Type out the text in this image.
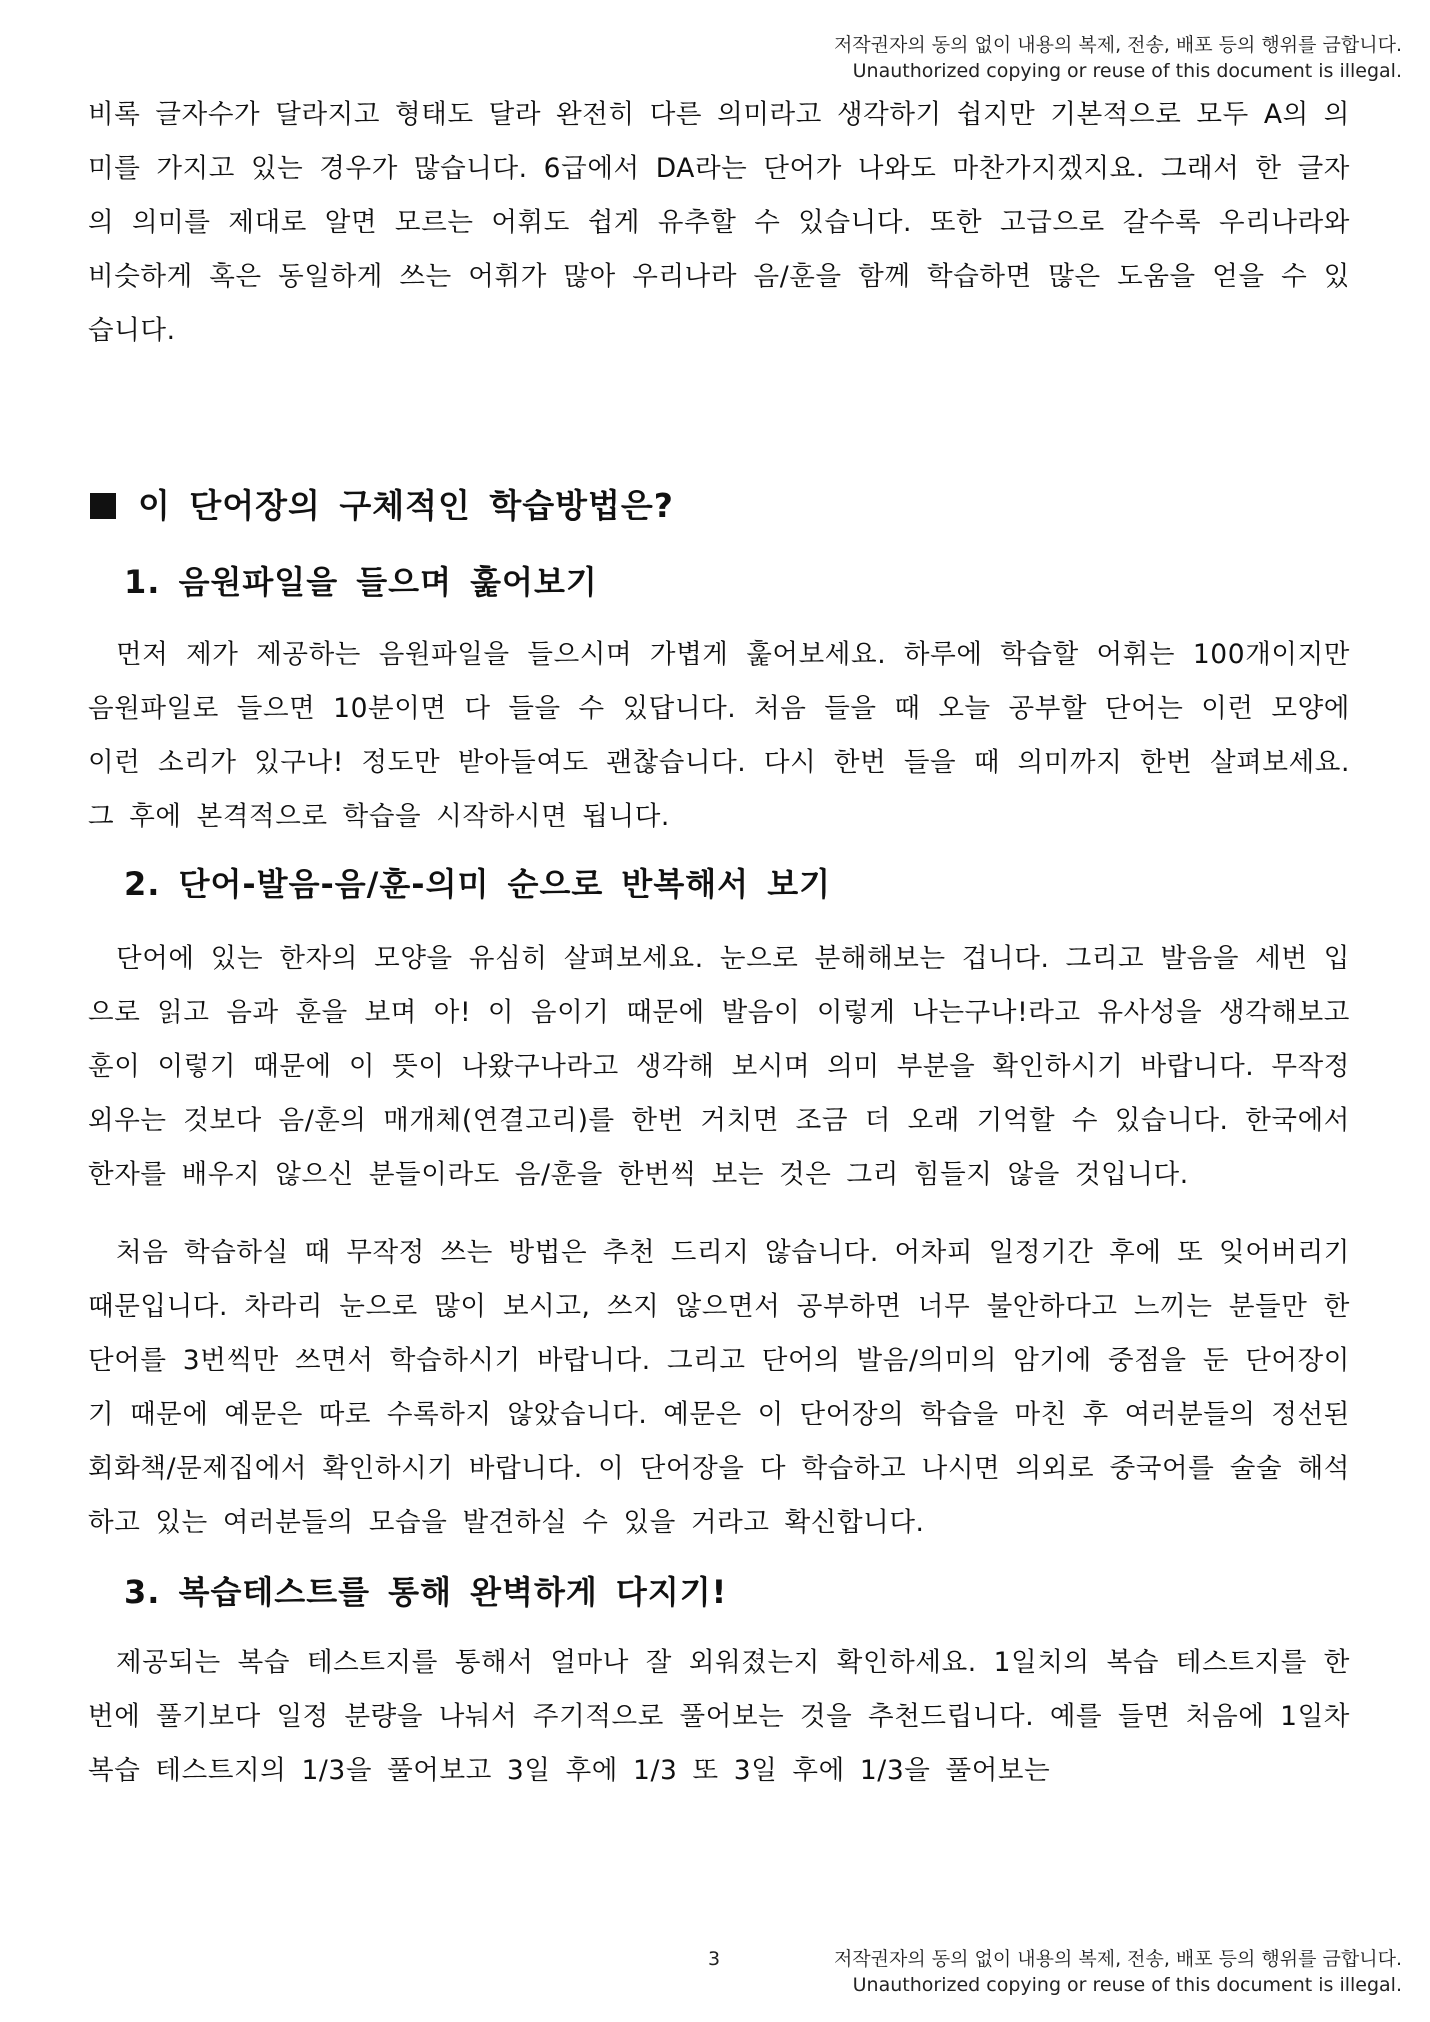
저작권자의 동의 없이 내용의 복제, 전송, 배포 등의 행위를 금합니다.
Unauthorized copying or reuse of this document is illegal.

비록 글자수가 달라지고 형태도 달라 완전히 다른 의미라고 생각하기 쉽지만 기본적으로 모두 A의 의미를 가지고 있는 경우가 많습니다. 6급에서 DA라는 단어가 나와도 마찬가지겠지요. 그래서 한 글자의 의미를 제대로 알면 모르는 어휘도 쉽게 유추할 수 있습니다. 또한 고급으로 갈수록 우리나라와 비슷하게 혹은 동일하게 쓰는 어휘가 많아 우리나라 음/훈을 함께 학습하면 많은 도움을 얻을 수 있습니다.

이 단어장의 구체적인 학습방법은?
1. 음원파일을 들으며 훑어보기

먼저 제가 제공하는 음원파일을 들으시며 가볍게 훑어보세요. 하루에 학습할 어휘는 100개이지만 음원파일로 들으면 10분이면 다 들을 수 있답니다. 처음 들을 때 오늘 공부할 단어는 이런 모양에 이런 소리가 있구나! 정도만 받아들여도 괜찮습니다. 다시 한번 들을 때 의미까지 한번 살펴보세요. 그 후에 본격적으로 학습을 시작하시면 됩니다.

2. 단어-발음-음/훈-의미 순으로 반복해서 보기

단어에 있는 한자의 모양을 유심히 살펴보세요. 눈으로 분해해보는 겁니다. 그리고 발음을 세번 입으로 읽고 음과 훈을 보며 아! 이 음이기 때문에 발음이 이렇게 나는구나!라고 유사성을 생각해보고 훈이 이렇기 때문에 이 뜻이 나왔구나라고 생각해 보시며 의미 부분을 확인하시기 바랍니다. 무작정 외우는 것보다 음/훈의 매개체(연결고리)를 한번 거치면 조금 더 오래 기억할 수 있습니다. 한국에서 한자를 배우지 않으신 분들이라도 음/훈을 한번씩 보는 것은 그리 힘들지 않을 것입니다.

처음 학습하실 때 무작정 쓰는 방법은 추천 드리지 않습니다. 어차피 일정기간 후에 또 잊어버리기 때문입니다. 차라리 눈으로 많이 보시고, 쓰지 않으면서 공부하면 너무 불안하다고 느끼는 분들만 한 단어를 3번씩만 쓰면서 학습하시기 바랍니다. 그리고 단어의 발음/의미의 암기에 중점을 둔 단어장이기 때문에 예문은 따로 수록하지 않았습니다. 예문은 이 단어장의 학습을 마친 후 여러분들의 정선된 회화책/문제집에서 확인하시기 바랍니다. 이 단어장을 다 학습하고 나시면 의외로 중국어를 술술 해석하고 있는 여러분들의 모습을 발견하실 수 있을 거라고 확신합니다.

3. 복습테스트를 통해 완벽하게 다지기!

제공되는 복습 테스트지를 통해서 얼마나 잘 외워졌는지 확인하세요. 1일치의 복습 테스트지를 한번에 풀기보다 일정 분량을 나눠서 주기적으로 풀어보는 것을 추천드립니다. 예를 들면 처음에 1일차 복습 테스트지의 1/3을 풀어보고 3일 후에 1/3 또 3일 후에 1/3을 풀어보는

3	저작권자의 동의 없이 내용의 복제, 전송, 배포 등의 행위를 금합니다.
Unauthorized copying or reuse of this document is illegal.
